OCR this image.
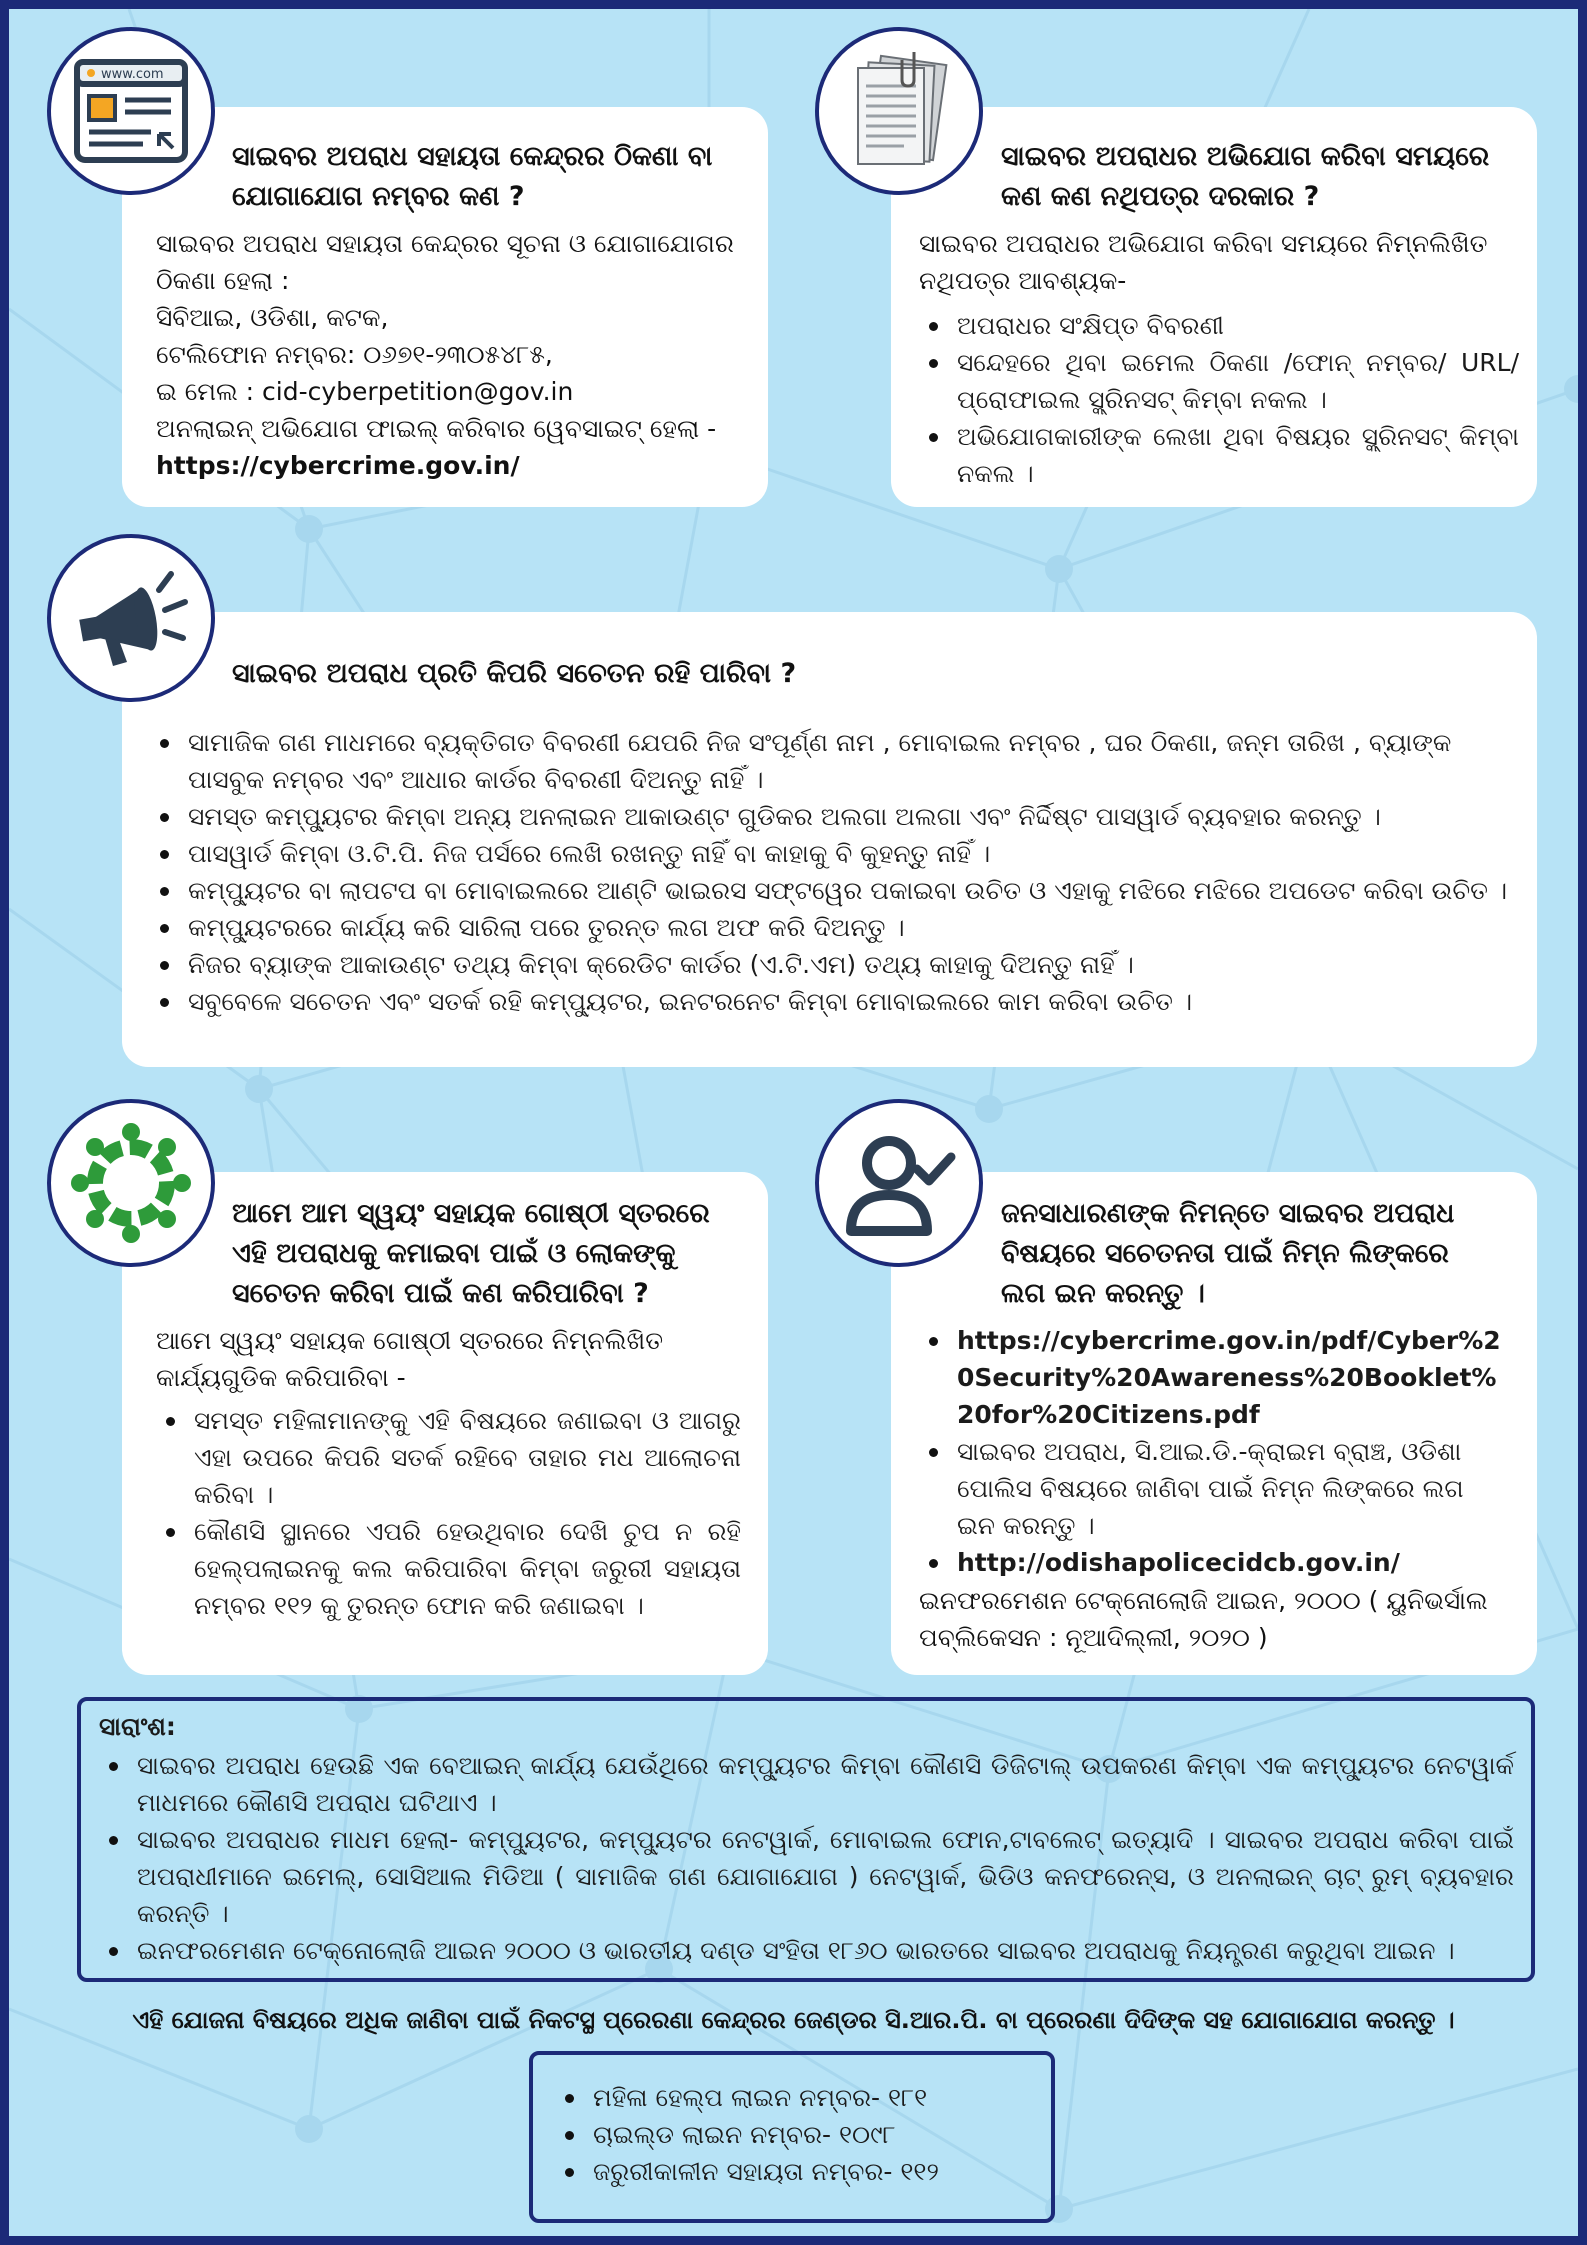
ସାଇବର ଅପରାଧ ସହାୟତା କେନ୍ଦ୍ରର ଠିକଣା ବା ଯୋଗାଯୋଗ ନମ୍ବର କଣ ?
ସାଇବର ଅପରାଧ ସହାୟତା କେନ୍ଦ୍ରର ସୂଚନା ଓ ଯୋଗାଯୋଗର ଠିକଣା ହେଲା :
ସିବିଆଇ, ଓଡିଶା, କଟକ,
ଟେଲିଫୋନ ନମ୍ବର: ୦୬୭୧-୨୩୦୫୪୮୫,
ଇ ମେଲ : cid-cyberpetition@gov.in
ଅନଲାଇନ୍ ଅଭିଯୋଗ ଫାଇଲ୍ କରିବାର ୱେବସାଇଟ୍ ହେଲା -
https://cybercrime.gov.in/
www.com
ସାଇବର ଅପରାଧର ଅଭିଯୋଗ କରିବା ସମୟରେ କଣ କଣ ନଥିପତ୍ର ଦରକାର ?
ସାଇବର ଅପରାଧର ଅଭିଯୋଗ କରିବା ସମୟରେ ନିମ୍ନଲିଖିତ ନଥିପତ୍ର ଆବଶ୍ୟକ-
ଅପରାଧର ସଂକ୍ଷିପ୍ତ ବିବରଣୀ
ସନ୍ଦେହରେ ଥିବା ଇମେଲ ଠିକଣା /ଫୋନ୍ ନମ୍ବର/ URL/ ପ୍ରୋଫାଇଲ ସ୍କ୍ରିନସଟ୍ କିମ୍ବା ନକଲ ।
ଅଭିଯୋଗକାରୀଙ୍କ ଲେଖା ଥିବା ବିଷୟର ସ୍କ୍ରିନସଟ୍ କିମ୍ବା ନକଲ ।
ସାଇବର ଅପରାଧ ପ୍ରତି କିପରି ସଚେତନ ରହି ପାରିବା ?
ସାମାଜିକ ଗଣ ମାଧମରେ ବ୍ୟକ୍ତିଗତ ବିବରଣୀ ଯେପରି ନିଜ ସଂପୂର୍ଣ୍ଣ ନାମ , ମୋବାଇଲ ନମ୍ବର , ଘର ଠିକଣା, ଜନ୍ମ ତାରିଖ , ବ୍ୟାଙ୍କ ପାସବୁକ ନମ୍ବର ଏବଂ ଆଧାର କାର୍ଡର ବିବରଣୀ ଦିଅନ୍ତୁ ନାହିଁ ।
ସମସ୍ତ କମ୍ପ୍ୟୁଟର କିମ୍ବା ଅନ୍ୟ ଅନଲାଇନ ଆକାଉଣ୍ଟ ଗୁଡିକର ଅଲଗା ଅଲଗା ଏବଂ ନିର୍ଦ୍ଦିଷ୍ଟ ପାସୱାର୍ଡ ବ୍ୟବହାର କରନ୍ତୁ ।
ପାସୱାର୍ଡ କିମ୍ବା ଓ.ଟି.ପି. ନିଜ ପର୍ସରେ ଲେଖି ରଖନ୍ତୁ ନାହିଁ ବା କାହାକୁ ବି କୁହନ୍ତୁ ନାହିଁ ।
କମ୍ପ୍ୟୁଟର ବା ଲାପଟପ ବା ମୋବାଇଲରେ ଆଣ୍ଟି ଭାଇରସ ସଫ୍ଟୱେର ପକାଇବା ଉଚିତ ଓ ଏହାକୁ ମଝିରେ ମଝିରେ ଅପଡେଟ କରିବା ଉଚିତ ।
କମ୍ପ୍ୟୁଟରରେ କାର୍ଯ୍ୟ କରି ସାରିଲା ପରେ ତୁରନ୍ତ ଲଗ ଅଫ କରି ଦିଅନ୍ତୁ ।
ନିଜର ବ୍ୟାଙ୍କ ଆକାଉଣ୍ଟ ତଥ୍ୟ କିମ୍ବା କ୍ରେଡିଟ କାର୍ଡର (ଏ.ଟି.ଏମ) ତଥ୍ୟ କାହାକୁ ଦିଅନ୍ତୁ ନାହିଁ ।
ସବୁବେଳେ ସଚେତନ ଏବଂ ସତର୍କ ରହି କମ୍ପ୍ୟୁଟର, ଇନଟରନେଟ କିମ୍ବା ମୋବାଇଲରେ କାମ କରିବା ଉଚିତ ।
ଆମେ ଆମ ସ୍ୱୟଂ ସହାୟକ ଗୋଷ୍ଠୀ ସ୍ତରରେ ଏହି ଅପରାଧକୁ କମାଇବା ପାଇଁ ଓ ଲୋକଙ୍କୁ ସଚେତନ କରିବା ପାଇଁ କଣ କରିପାରିବା ?
ଆମେ ସ୍ୱୟଂ ସହାୟକ ଗୋଷ୍ଠୀ ସ୍ତରରେ ନିମ୍ନଲିଖିତ କାର୍ଯ୍ୟଗୁଡିକ କରିପାରିବା -
ସମସ୍ତ ମହିଳାମାନଙ୍କୁ ଏହି ବିଷୟରେ ଜଣାଇବା ଓ ଆଗରୁ ଏହା ଉପରେ କିପରି ସତର୍କ ରହିବେ ତାହାର ମଧ ଆଲୋଚନା କରିବା ।
କୌଣସି ସ୍ଥାନରେ ଏପରି ହେଉଥିବାର ଦେଖି ଚୁପ ନ ରହି ହେଲ୍ପଲାଇନକୁ କଲ କରିପାରିବା କିମ୍ବା ଜରୁରୀ ସହାୟତା ନମ୍ବର ୧୧୨ କୁ ତୁରନ୍ତ ଫୋନ କରି ଜଣାଇବା ।
ଜନସାଧାରଣଙ୍କ ନିମନ୍ତେ ସାଇବର ଅପରାଧ ବିଷୟରେ ସଚେତନତା ପାଇଁ ନିମ୍ନ ଲିଙ୍କରେ ଲଗ ଇନ କରନ୍ତୁ ।
https://cybercrime.gov.in/pdf/Cyber%20Security%20Awareness%20Booklet%20for%20Citizens.pdf
ସାଇବର ଅପରାଧ, ସି.ଆଇ.ଡି.-କ୍ରାଇମ ବ୍ରାଞ୍ଚ, ଓଡିଶା ପୋଲିସ ବିଷୟରେ ଜାଣିବା ପାଇଁ ନିମ୍ନ ଲିଙ୍କରେ ଲଗ ଇନ କରନ୍ତୁ ।
http://odishapolicecidcb.gov.in/
ଇନଫରମେଶନ ଟେକ୍ନୋଲୋଜି ଆଇନ, ୨୦୦୦ ( ୟୁନିଭର୍ସାଲ ପବ୍ଲିକେସନ : ନୂଆଦିଲ୍ଲୀ, ୨୦୨୦ )
ସାରାଂଶ:
ସାଇବର ଅପରାଧ ହେଉଛି ଏକ ବେଆଇନ୍ କାର୍ଯ୍ୟ ଯେଉଁଥିରେ କମ୍ପ୍ୟୁଟର କିମ୍ବା କୌଣସି ଡିଜିଟାଲ୍ ଉପକରଣ କିମ୍ବା ଏକ କମ୍ପ୍ୟୁଟର ନେଟୱାର୍କ ମାଧମରେ କୌଣସି ଅପରାଧ ଘଟିଥାଏ ।
ସାଇବର ଅପରାଧର ମାଧମ ହେଲା- କମ୍ପ୍ୟୁଟର, କମ୍ପ୍ୟୁଟର ନେଟୱାର୍କ, ମୋବାଇଲ ଫୋନ,ଟାବଲେଟ୍ ଇତ୍ୟାଦି । ସାଇବର ଅପରାଧ କରିବା ପାଇଁ ଅପରାଧୀମାନେ ଇମେଲ୍, ସୋସିଆଲ ମିଡିଆ ( ସାମାଜିକ ଗଣ ଯୋଗାଯୋଗ ) ନେଟୱାର୍କ, ଭିଡିଓ କନଫରେନ୍ସ, ଓ ଅନଲାଇନ୍ ଚାଟ୍ ରୁମ୍ ବ୍ୟବହାର କରନ୍ତି ।
ଇନଫରମେଶନ ଟେକ୍ନୋଲୋଜି ଆଇନ ୨୦୦୦ ଓ ଭାରତୀୟ ଦଣ୍ଡ ସଂହିତା ୧୮୬୦ ଭାରତରେ ସାଇବର ଅପରାଧକୁ ନିୟନ୍ତ୍ରଣ କରୁଥିବା ଆଇନ ।
ଏହି ଯୋଜନା ବିଷୟରେ ଅଧିକ ଜାଣିବା ପାଇଁ ନିକଟସ୍ଥ ପ୍ରେରଣା କେନ୍ଦ୍ରର ଜେଣ୍ଡର ସି.ଆର.ପି. ବା ପ୍ରେରଣା ଦିଦିଙ୍କ ସହ ଯୋଗାଯୋଗ କରନ୍ତୁ ।
ମହିଳା ହେଲ୍ପ ଲାଇନ ନମ୍ବର- ୧୮୧
ଚାଇଲ୍ଡ ଲାଇନ ନମ୍ବର- ୧୦୯୮
ଜରୁରୀକାଳୀନ ସହାୟତା ନମ୍ବର- ୧୧୨
